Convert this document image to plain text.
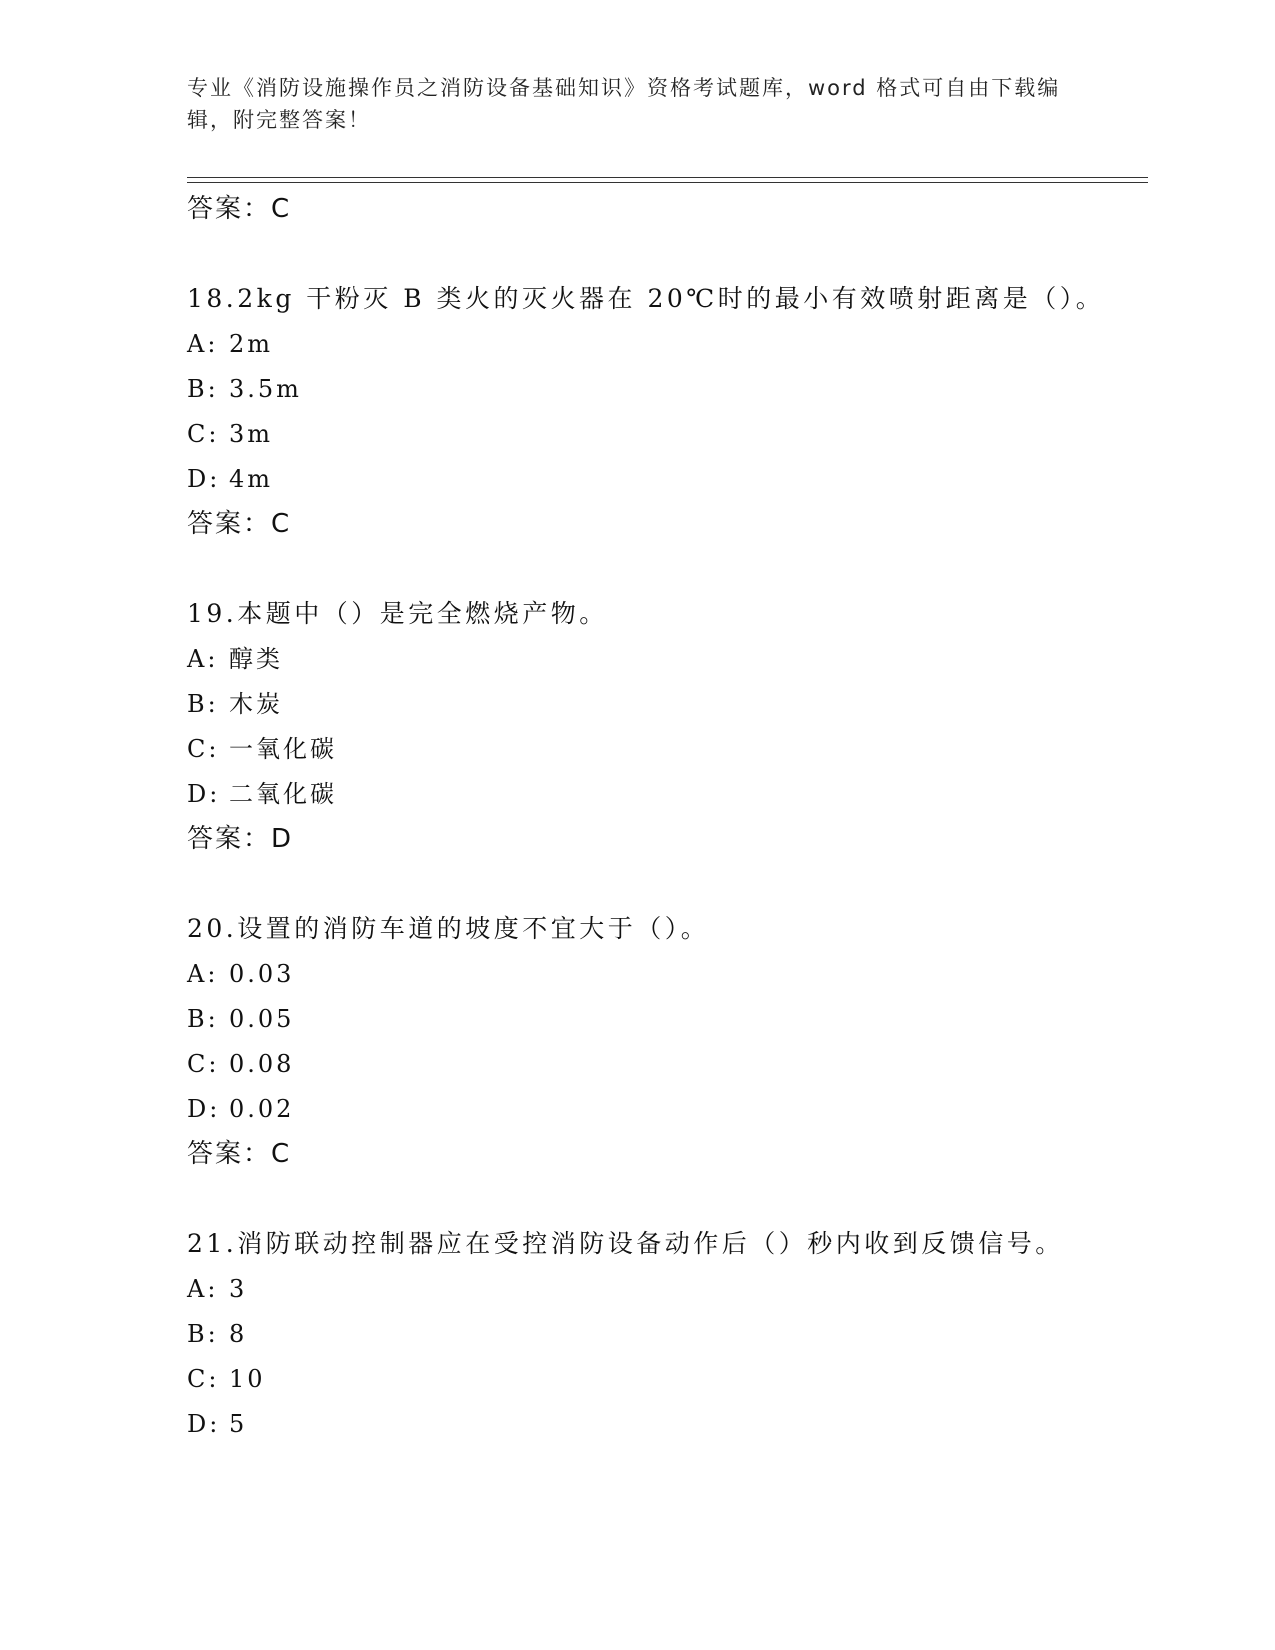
专业《消防设施操作员之消防设备基础知识》资格考试题库，word 格式可自由下载编辑，附完整答案！
答案：C
18.2kg 干粉灭 B 类火的灭火器在 20℃时的最小有效喷射距离是（）。
A: 2m
B: 3.5m
C: 3m
D: 4m
答案：C
19.本题中（）是完全燃烧产物。
A: 醇类
B: 木炭
C: 一氧化碳
D: 二氧化碳
答案：D
20.设置的消防车道的坡度不宜大于（）。
A: 0.03
B: 0.05
C: 0.08
D: 0.02
答案：C
21.消防联动控制器应在受控消防设备动作后（）秒内收到反馈信号。
A: 3
B: 8
C: 10
D: 5
